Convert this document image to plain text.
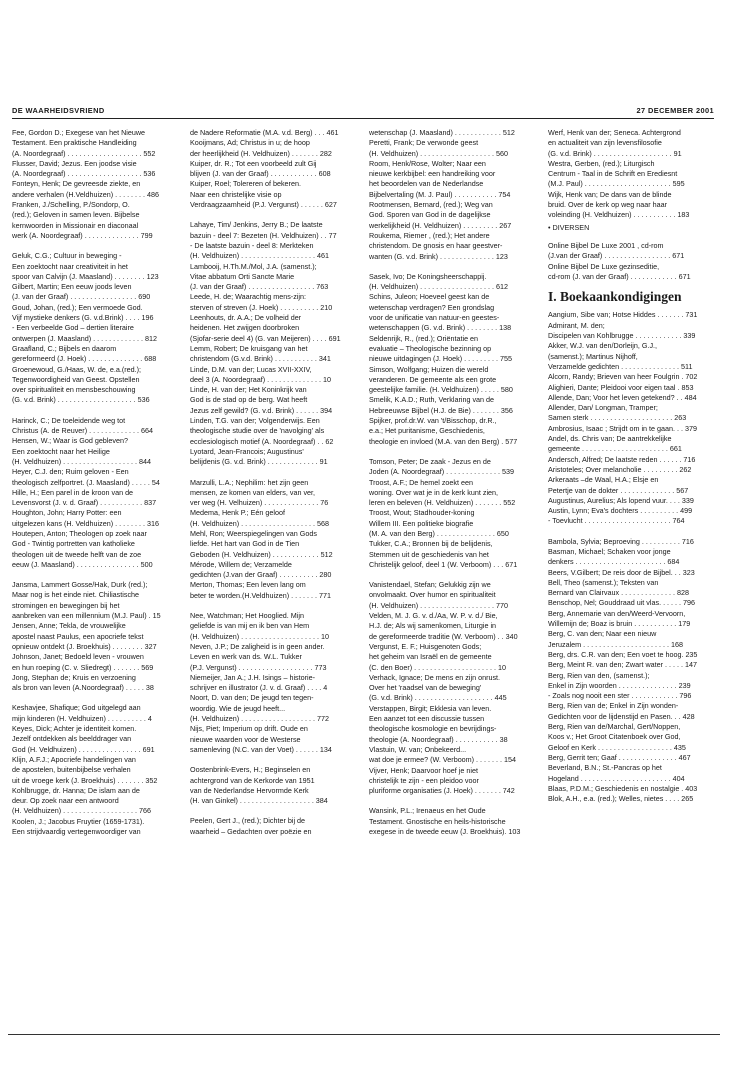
DE WAARHEIDSVRIEND	27 DECEMBER 2001

Fee, Gordon D.; Exegese van het Nieuwe
Testament. Een praktische Handleiding
(A. Noordegraaf) . . . . . . . . . . . . . . . . . . . 552

Flusser, David; Jezus. Een joodse visie
(A. Noordegraaf) . . . . . . . . . . . . . . . . . . . 536

Fonteyn, Henk; De gevreesde ziekte, en
andere verhalen (H.Veldhuizen) . . . . . . . . 486

Franken, J./Schelling, P./Sondorp, O.
(red.); Geloven in samen leven. Bijbelse
kernwoorden in Missionair en diaconaal
werk (A. Noordegraaf) . . . . . . . . . . . . . . 799

Geluk, C.G.; Cultuur in beweging -
Een zoektocht naar creativiteit in het
spoor van Calvijn (J. Maasland) . . . . . . . . 123

Gilbert, Martin; Een eeuw joods leven
(J. van der Graaf) . . . . . . . . . . . . . . . . . 690

Goud, Johan, (red.); Een vermoede God.
Vijf mystieke denkers (G. v.d.Brink) . . . . 196

- Een verbeelde God – dertien literaire
ontwerpen (J. Maasland) . . . . . . . . . . . . . 812

Graafland, C.; Bijbels en daarom
gereformeerd (J. Hoek) . . . . . . . . . . . . . . 688

Groenewoud, G./Haas, W. de, e.a.(red.);
Tegenwoordigheid van Geest. Opstellen
over spiritualiteit en mensbeschouwing
(G. v.d. Brink) . . . . . . . . . . . . . . . . . . . . 536

Harinck, C.; De toeleidende weg tot
Christus (A. de Reuver) . . . . . . . . . . . . . 664

Hensen, W.; Waar is God gebleven?
Een zoektocht naar het Heilige
(H. Veldhuizen) . . . . . . . . . . . . . . . . . . . 844

Heyer, C.J. den; Ruim geloven - Een
theologisch zelfportret. (J. Maasland) . . . . . 54

Hille, H.; Een parel in de kroon van de
Levensvorst (J. v. d. Graaf) . . . . . . . . . . . 837

Houghton, John; Harry Potter: een
uitgelezen kans (H. Veldhuizen) . . . . . . . . 316

Houtepen, Anton; Theologen op zoek naar
God - Twintig portretten van katholieke
theologen uit de tweede helft van de zoe
eeuw (J. Maasland) . . . . . . . . . . . . . . . . 500

Jansma, Lammert Gosse/Hak, Durk (red.);
Maar nog is het einde niet. Chiliastische
stromingen en bewegingen bij het
aanbreken van een millennium (M.J. Paul) . 15

Jensen, Anne; Tekla, de vrouwelijke
apostel naast Paulus, een apocriefe tekst
opnieuw ontdekt (J. Broekhuis) . . . . . . . . 327

Johnson, Janet; Bedoeld leven - vrouwen
en hun roeping (C. v. Sliedregt) . . . . . . . 569

Jong, Stephan de; Kruis en verzoening
als bron van leven (A.Noordegraaf) . . . . . 38

Keshavjee, Shafique; God uitgelegd aan
mijn kinderen (H. Veldhuizen) . . . . . . . . . . 4

Keyes, Dick; Achter je identiteit komen.
Jezelf ontdekken als beelddrager van
God (H. Veldhuizen) . . . . . . . . . . . . . . . . 691

Klijn, A.F.J.; Apocriefe handelingen van
de apostelen, buitenbijbelse verhalen
uit de vroege kerk (J. Broekhuis) . . . . . . . 352

Kohlbrugge, dr. Hanna; De islam aan de
deur. Op zoek naar een antwoord
(H. Veldhuizen) . . . . . . . . . . . . . . . . . . . 766

Koolen, J.; Jacobus Fruytier (1659-1731).
Een strijdvaardig vertegenwoordiger van

de Nadere Reformatie (M.A. v.d. Berg) . . . 461

Kooijmans, Ad; Christus in u; de hoop
der heerlijkheid (H. Veldhuizen) . . . . . . . 282

Kuiper, dr. R.; Tot een voorbeeld zult Gij
blijven (J. van der Graaf) . . . . . . . . . . . . 608

Kuiper, Roel; Tolereren of bekeren.
Naar een christelijke visie op
Verdraagzaamheid (P.J. Vergunst) . . . . . . 627

Lahaye, Tim/ Jenkins, Jerry B.; De laatste
bazuin - deel 7: Bezeten (H. Veldhuizen) . . 77

- De laatste bazuin - deel 8: Merkteken
(H. Veldhuizen) . . . . . . . . . . . . . . . . . . . 461

Lambooij, H.Th.M./Mol, J.A. (samenst.);
Vitae abbatum Orti Sancte Marie
(J. van der Graaf) . . . . . . . . . . . . . . . . . 763

Leede, H. de; Waarachtig mens-zijn:
sterven of streven (J. Hoek) . . . . . . . . . . 210

Leenhouts, dr. A.A.; De volheid der
heidenen. Het zwijgen doorbroken
(Sjofar-serie deel 4) (G. van Meijeren) . . . . 691

Lemm, Robert; De kruisgang van het
christendom (G.v.d. Brink) . . . . . . . . . . . 341

Linde, D.M. van der; Lucas XVII-XXIV,
deel 3 (A. Noordegraaf) . . . . . . . . . . . . . . 10

Linde, H. van der; Het Koninkrijk van
God is de stad op de berg. Wat heeft
Jezus zelf gewild? (G. v.d. Brink) . . . . . . 394

Linden, T.G. van der; Volgenderwijs. Een
theologische studie over de 'navolging' als
ecclesiologisch motief (A. Noordegraaf) . . 62

Lyotard, Jean-Francois; Augustinus'
belijdenis (G. v.d. Brink) . . . . . . . . . . . . . 91

Marzulli, L.A.; Nephilim: het zijn geen
mensen, ze komen van elders, van ver,
ver weg (H. Velhuizen) . . . . . . . . . . . . . . 76

Medema, Henk P.; Eén geloof
(H. Veldhuizen) . . . . . . . . . . . . . . . . . . . 568

Mehl, Ron; Weerspiegelingen van Gods
liefde. Het hart van God in de Tien
Geboden (H. Veldhuizen) . . . . . . . . . . . . 512

Mérode, Willem de; Verzamelde
gedichten (J.van der Graaf) . . . . . . . . . . 280

Merton, Thomas; Een leven lang om
beter te worden.(H.Veldhuizen) . . . . . . . 771

Nee, Watchman; Het Hooglied. Mijn
geliefde is van mij en ik ben van Hem
(H. Veldhuizen) . . . . . . . . . . . . . . . . . . . . 10

Neven, J.P.; De zaligheid is in geen ander.
Leven en werk van ds. W.L. Tukker
(P.J. Vergunst) . . . . . . . . . . . . . . . . . . . 773

Niemeijer, Jan A.; J.H. Isings – historie-
schrijver en illustrator (J. v. d. Graaf) . . . . 4

Noort, D. van den; De jeugd ten tegen-
woordig. Wie de jeugd heeft...
(H. Veldhuizen) . . . . . . . . . . . . . . . . . . . 772

Nijs, Piet; Imperium op drift. Oude en
nieuwe waarden voor de Westerse
samenleving (N.C. van der Voet) . . . . . . 134

Oostenbrink-Evers, H.; Beginselen en
achtergrond van de Kerkorde van 1951
van de Nederlandse Hervormde Kerk
(H. van Ginkel) . . . . . . . . . . . . . . . . . . . 384

Peelen, Gert J., (red.); Dichter bij de
waarheid – Gedachten over poëzie en

wetenschap (J. Maasland) . . . . . . . . . . . . 512

Peretti, Frank; De verwonde geest
(H. Veldhuizen) . . . . . . . . . . . . . . . . . . . 560

Room, Henk/Rose, Wolter; Naar een
nieuwe kerkbijbel: een handreiking voor
het beoordelen van de Nederlandse
Bijbelvertaling (M. J. Paul) . . . . . . . . . . . 754

Rootmensen, Bernard, (red.); Weg van
God. Sporen van God in de dagelijkse
werkelijkheid (H. Veldhuizen) . . . . . . . . . 267

Roukema, Riemer , (red.); Het andere
christendom. De gnosis en haar geestver-
wanten (G. v.d. Brink) . . . . . . . . . . . . . . 123

Sasek, Ivo; De Koningsheerschappij.
(H. Veldhuizen) . . . . . . . . . . . . . . . . . . . 612

Schins, Juleon; Hoeveel geest kan de
wetenschap verdragen? Een grondslag
voor de unificatie van natuur-en geestes-
wetenschappen (G. v.d. Brink) . . . . . . . . 138

Seldenrijk, R., (red.); Oriëntatie en
evaluatie – Theologische bezinning op
nieuwe uitdagingen (J. Hoek) . . . . . . . . . 755

Simson, Wolfgang; Huizen die wereld
veranderen. De gemeente als een grote
geestelijke familie. (H. Veldhuizen) . . . . . 580

Smelik, K.A.D.; Ruth, Verklaring van de
Hebreeuwse Bijbel (H.J. de Bie) . . . . . . . 356

Spijker, prof.dr.W. van 't/Bisschop, dr.R.,
e.a.; Het puritanisme, Geschiedenis,
theologie en invloed (M.A. van den Berg) . 577

Tomson, Peter; De zaak - Jezus en de
Joden (A. Noordegraaf) . . . . . . . . . . . . . . 539

Troost, A.F.; De hemel zoekt een
woning. Over wat je in de kerk kunt zien,
leren en beleven (H. Veldhuizen) . . . . . . . 552

Troost, Wout; Stadhouder-koning
Willem III. Een politieke biografie
(M. A. van den Berg) . . . . . . . . . . . . . . . 650

Tukker, C.A.; Bronnen bij de belijdenis,
Stemmen uit de geschiedenis van het
Christelijk geloof, deel 1 (W. Verboom) . . . 671

Vanistendael, Stefan; Gelukkig zijn we
onvolmaakt. Over humor en spiritualiteit
(H. Veldhuizen) . . . . . . . . . . . . . . . . . . . 770

Velden, M. J. G. v. d./Aa, W. P. v. d./ Bie,
H.J. de; Als wij samenkomen, Liturgie in
de gereformeerde traditie (W. Verboom) . . 340

Vergunst, E. F.; Huisgenoten Gods;
het geheim van Israël en de gemeente
(C. den Boer) . . . . . . . . . . . . . . . . . . . . . 10

Verhack, Ignace; De mens en zijn onrust.
Over het 'raadsel van de beweging'
(G. v.d. Brink) . . . . . . . . . . . . . . . . . . . . 445

Verstappen, Birgit; Ekklesia van leven.
Een aanzet tot een discussie tussen
theologische kosmologie en bevrijdings-
theologie (A. Noordegraaf) . . . . . . . . . . . 38

Vlastuin, W. van; Onbekeerd...
wat doe je ermee? (W. Verboom) . . . . . . . 154

Vijver, Henk; Daarvoor hoef je niet
christelijk te zijn - een pleidoo voor
pluriforme organisaties (J. Hoek) . . . . . . . 742

Wansink, P.L.; Irenaeus en het Oude
Testament. Gnostische en heils-historische
exegese in de tweede eeuw (J. Broekhuis). 103

Werf, Henk van der; Seneca. Achtergrond
en actualiteit van zijn levensfilosofie
(G. v.d. Brink) . . . . . . . . . . . . . . . . . . . . 91

Westra, Gerben, (red.); Liturgisch
Centrum - Taal in de Schrift en Erediesnt
(M.J. Paul) . . . . . . . . . . . . . . . . . . . . . . 595

Wijk, Henk van; De dans van de blinde
bruid. Over de kerk op weg naar haar
voleinding (H. Veldhuizen) . . . . . . . . . . . 183

• DIVERSEN

Online Bijbel De Luxe 2001 , cd-rom
(J.van der Graaf) . . . . . . . . . . . . . . . . . 671

Online Bijbel De Luxe gezinseditie,
cd-rom (J. van der Graaf) . . . . . . . . . . . . 671

I. Boekaankondigingen

Aangium, Sibe van; Hotse Hiddes . . . . . . . 731

Admirant, M. den;
Discipelen van Kohlbrugge . . . . . . . . . . . . 339

Akker, W.J. van den/Dorleijn, G.J.,
(samenst.); Martinus Nijhoff,
Verzamelde gedichten . . . . . . . . . . . . . . . 511

Alcorn, Randy; Brieven van heer Foulgrin . 702

Alighieri, Dante; Pleidooi voor eigen taal . 853

Allende, Dan; Voor het leven getekend? . . 484

Allender, Dan/ Longman, Tramper;
Samen sterk . . . . . . . . . . . . . . . . . . . . . 263

Ambrosius, Isaac ; Strijdt om in te gaan. . . 379

Andel, ds. Chris van; De aantrekkelijke
gemeente . . . . . . . . . . . . . . . . . . . . . . 661

Andersch, Alfred; De laatste reden . . . . . . 716

Aristoteles; Over melancholie . . . . . . . . . 262

Arkeraats –de Waal, H.A.; Elsje en
Petertje van de dokter . . . . . . . . . . . . . . 567

Augustinus, Aurelius; Als lopend vuur. . . . 339

Austin, Lynn; Eva's dochters . . . . . . . . . . 499

- Toevlucht . . . . . . . . . . . . . . . . . . . . . . 764

Bambola, Sylvia; Beproeving . . . . . . . . . . 716

Basman, Michael; Schaken voor jonge
denkers . . . . . . . . . . . . . . . . . . . . . . . 684

Beers, V.Gilbert; De reis door de Bijbel. . . 323

Bell, Theo (samenst.); Teksten van
Bernard van Clairvaux . . . . . . . . . . . . . . 828

Benschop, Nel; Gouddraad uit vlas. . . . . . 796

Berg, Annemarie van den/Weerd-Vervoorn,
Willemijn de; Boaz is bruin . . . . . . . . . . . 179

Berg, C. van den; Naar een nieuw
Jeruzalem . . . . . . . . . . . . . . . . . . . . . . 168

Berg, drs. C.R. van den; Een voet te hoog. 235

Berg, Meint R. van den; Zwart water . . . . . 147

Berg, Rien van den, (samenst.);
Enkel in Zijn woorden . . . . . . . . . . . . . . . 239

- Zoals nog nooit een ster . . . . . . . . . . . . 796

Berg, Rien van de; Enkel in Zijn wonden-
Gedichten voor de lijdenstijd en Pasen. . . 428

Berg, Rien van de/Marchal, Gert/Noppen,
Koos v.; Het Groot Citatenboek over God,
Geloof en Kerk . . . . . . . . . . . . . . . . . . . 435

Berg, Gerrit ten; Gaaf . . . . . . . . . . . . . . . 467

Beverland, B.N.; St.-Pancras op het
Hogeland . . . . . . . . . . . . . . . . . . . . . . . 404

Blaas, P.D.M.; Geschiedenis en nostalgie . 403

Blok, A.H., e.a. (red.); Welles, nietes . . . . 265
